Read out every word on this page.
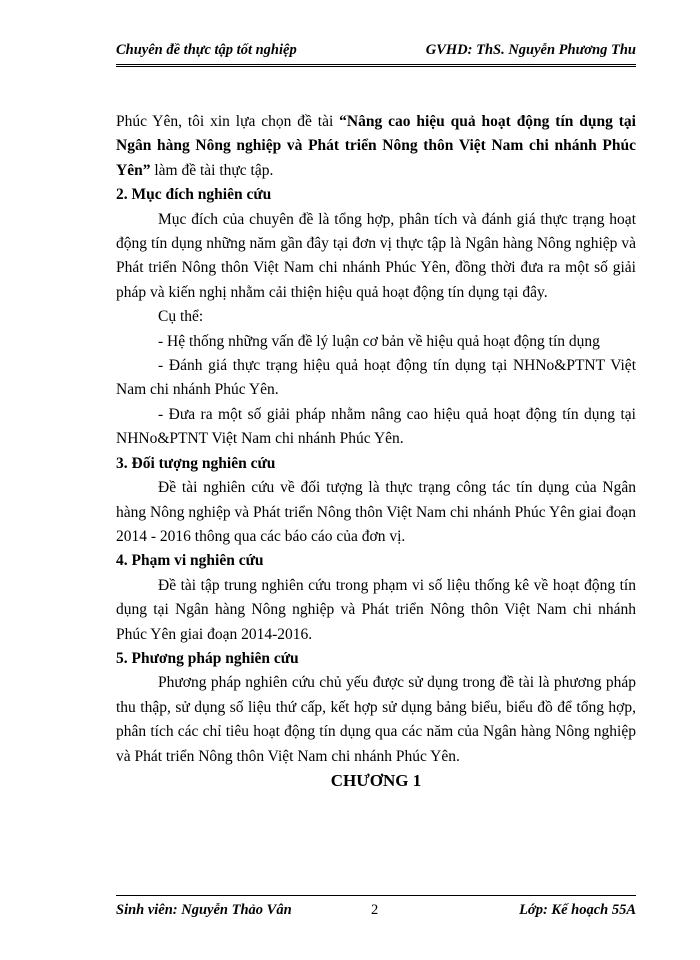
Chuyên đề thực tập tốt nghiệp	GVHD: ThS. Nguyễn Phương Thu

Phúc Yên, tôi xin lựa chọn đề tài “Nâng cao hiệu quả hoạt động tín dụng tại Ngân hàng Nông nghiệp và Phát triển Nông thôn Việt Nam chi nhánh Phúc Yên” làm đề tài thực tập.

2. Mục đích nghiên cứu

Mục đích của chuyên đề là tổng hợp, phân tích và đánh giá thực trạng hoạt động tín dụng những năm gần đây tại đơn vị thực tập là Ngân hàng Nông nghiệp và Phát triển Nông thôn Việt Nam chi nhánh Phúc Yên, đồng thời đưa ra một số giải pháp và kiến nghị nhằm cải thiện hiệu quả hoạt động tín dụng tại đây.

Cụ thể:

- Hệ thống những vấn đề lý luận cơ bản về hiệu quả hoạt động tín dụng

- Đánh giá thực trạng hiệu quả hoạt động tín dụng tại NHNo&PTNT Việt Nam chi nhánh Phúc Yên.

- Đưa ra một số giải pháp nhằm nâng cao hiệu quả hoạt động tín dụng tại NHNo&PTNT Việt Nam chi nhánh Phúc Yên.

3. Đối tượng nghiên cứu

Đề tài nghiên cứu về đối tượng là thực trạng công tác tín dụng của Ngân hàng Nông nghiệp và Phát triển Nông thôn Việt Nam chi nhánh Phúc Yên giai đoạn 2014 - 2016 thông qua các báo cáo của đơn vị.

4. Phạm vi nghiên cứu

Đề tài tập trung nghiên cứu trong phạm vi số liệu thống kê về hoạt động tín dụng tại Ngân hàng Nông nghiệp và Phát triển Nông thôn Việt Nam chi nhánh Phúc Yên giai đoạn 2014-2016.

5. Phương pháp nghiên cứu

Phương pháp nghiên cứu chủ yếu được sử dụng trong đề tài là phương pháp thu thập, sử dụng số liệu thứ cấp, kết hợp sử dụng bảng biểu, biểu đồ để tổng hợp, phân tích các chỉ tiêu hoạt động tín dụng qua các năm của Ngân hàng Nông nghiệp và Phát triển Nông thôn Việt Nam chi nhánh Phúc Yên.

CHƯƠNG 1

Sinh viên: Nguyễn Thảo Vân	2	Lớp: Kế hoạch 55A
